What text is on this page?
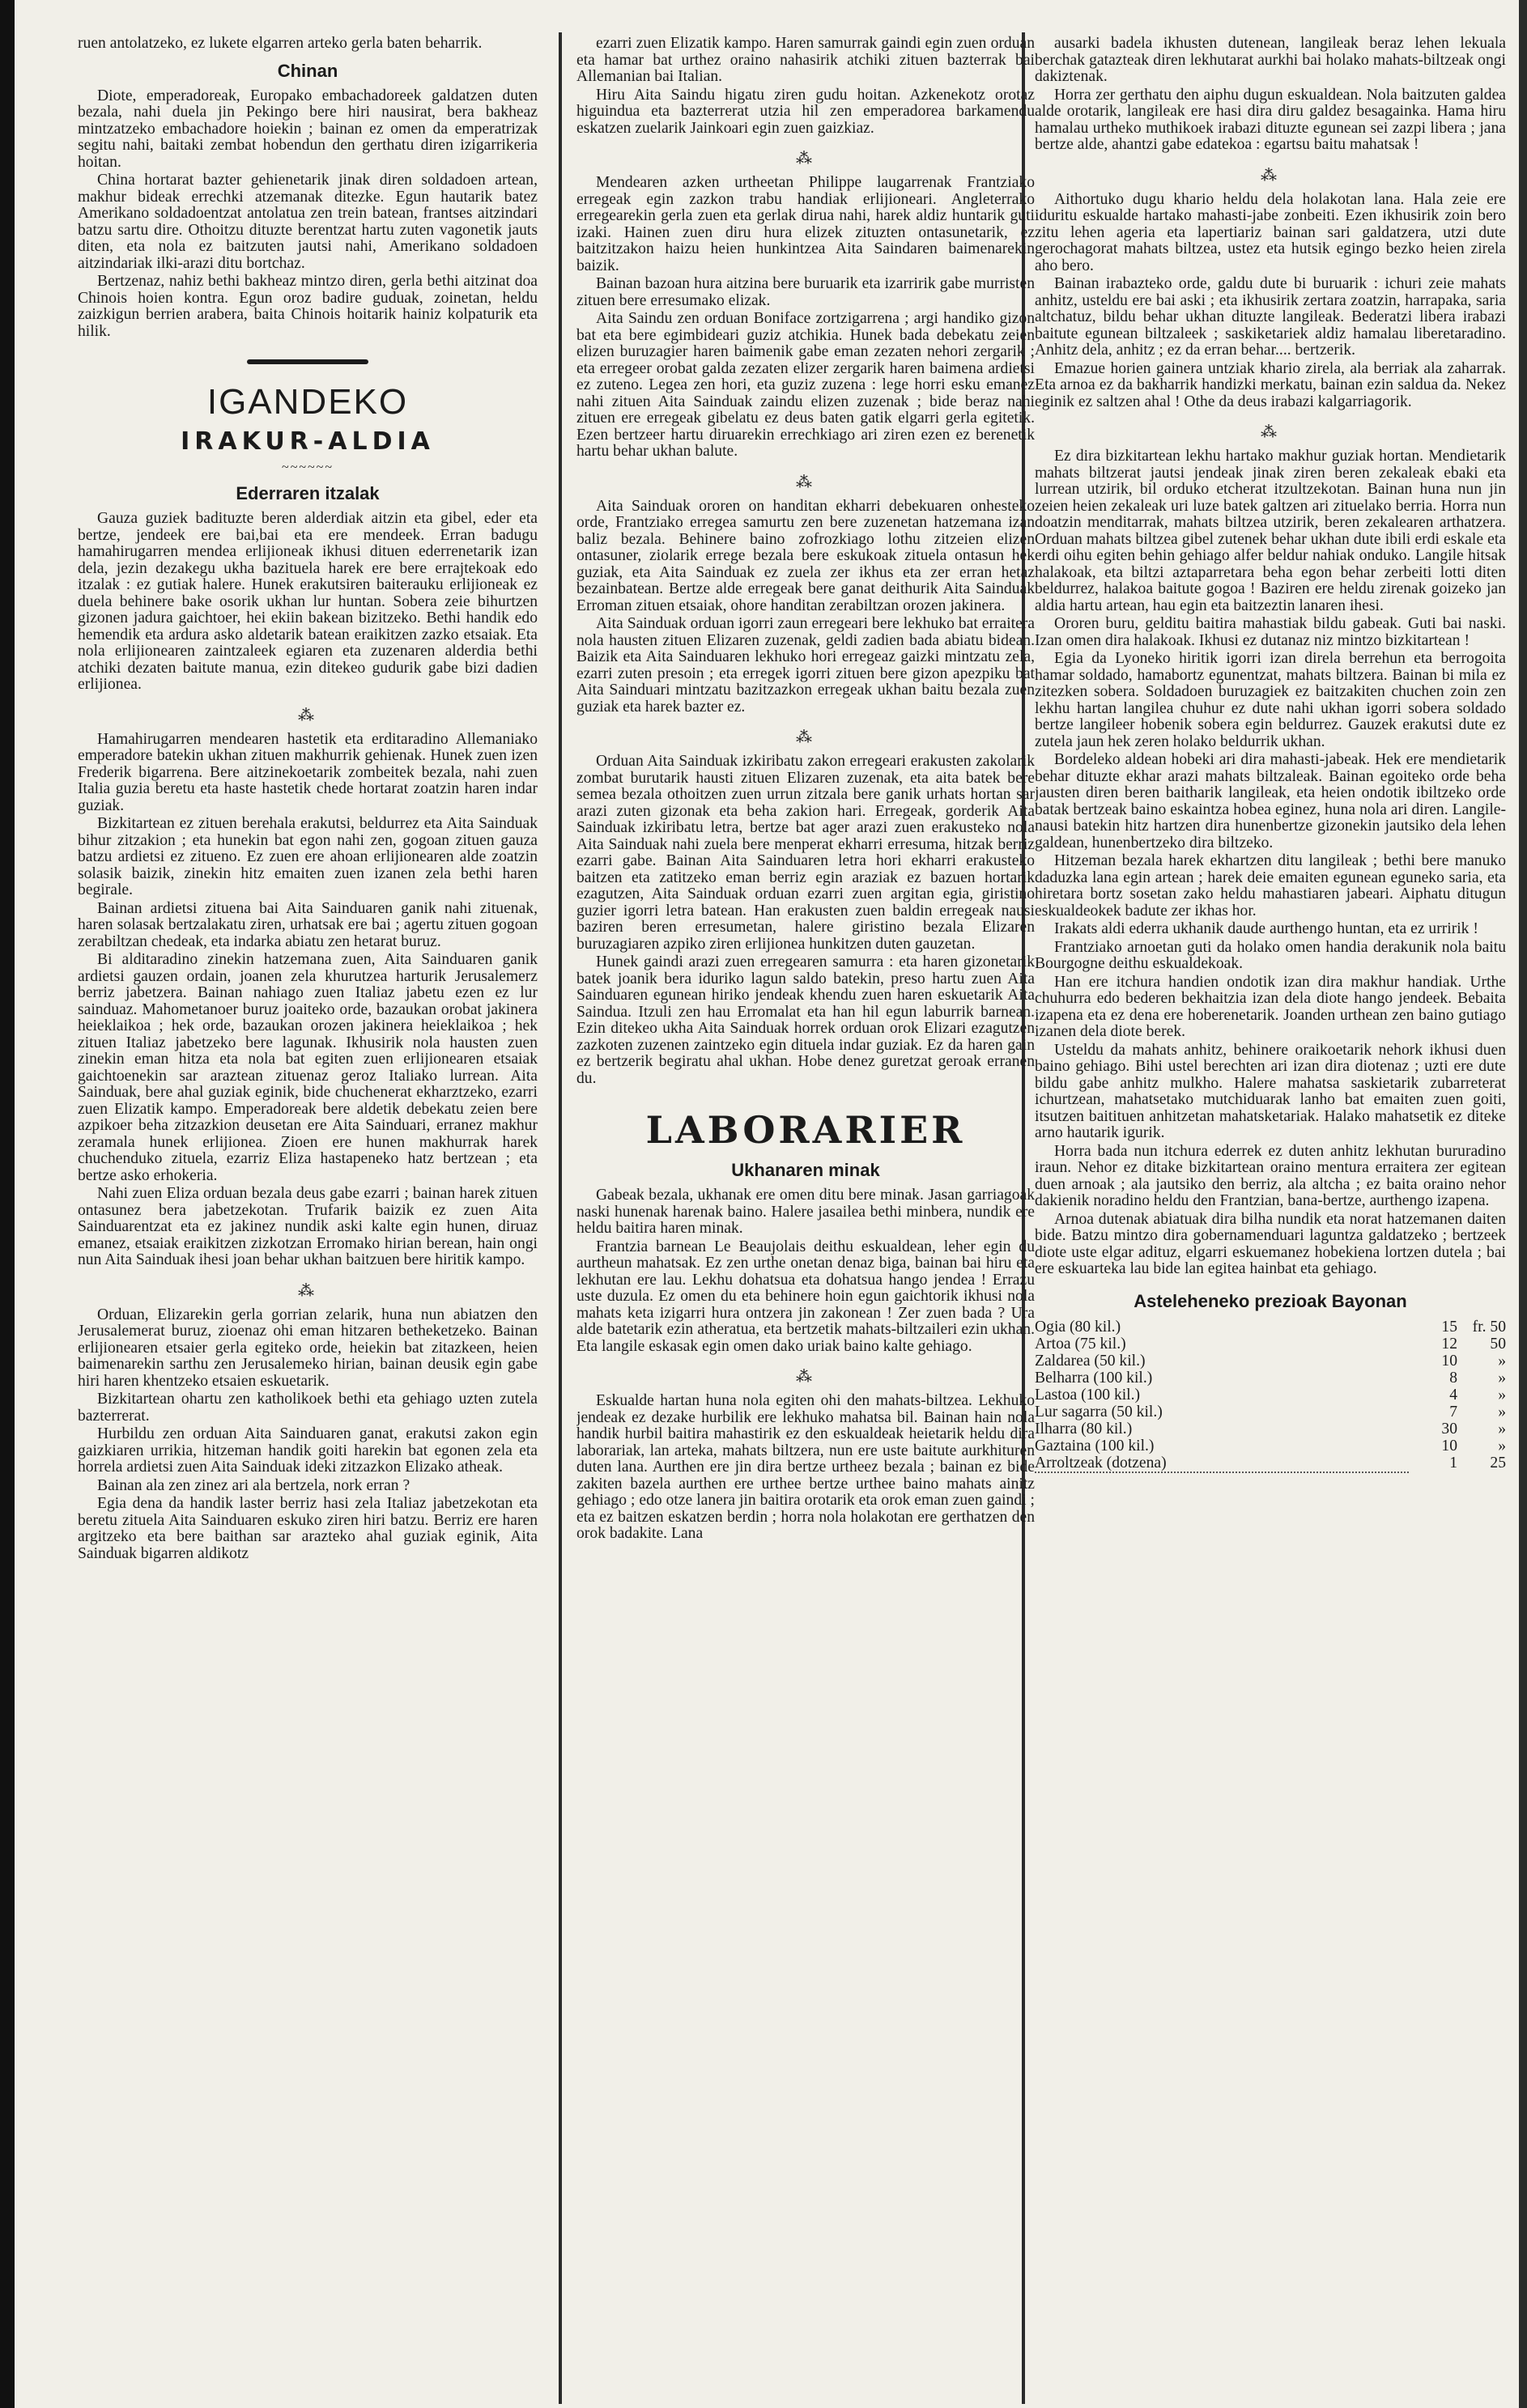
ruen antolatzeko, ez lukete elgarren arteko gerla baten beharrik.

Chinan

Diote, emperadoreak, Europako embachadoreek galdatzen duten bezala, nahi duela jin Pekingo bere hiri nausirat, bera bakheaz mintzatzeko embachadore hoiekin ; bainan ez omen da emperatrizak segitu nahi, baitaki zembat hobendun den gerthatu diren izigarrikeria hoitan.

China hortarat bazter gehienetarik jinak diren soldadoen artean, makhur bideak errechki atzemanak ditezke. Egun hautarik batez Amerikano soldadoentzat antolatua zen trein batean, frantses aitzindari batzu sartu dire. Othoitzu dituzte berentzat hartu zuten vagonetik jauts diten, eta nola ez baitzuten jautsi nahi, Amerikano soldadoen aitzindariak ilki-arazi ditu bortchaz.

Bertzenaz, nahiz bethi bakheaz mintzo diren, gerla bethi aitzinat doa Chinois hoien kontra. Egun oroz badire guduak, zoinetan, heldu zaizkigun berrien arabera, baita Chinois hoitarik hainiz kolpaturik eta hilik.

IGANDEKO
IRAKUR-ALDIA
~~~~~~
Ederraren itzalak

Gauza guziek badituzte beren alderdiak aitzin eta gibel, eder eta bertze, jendeek ere bai,bai eta ere mendeek. Erran badugu hamahirugarren mendea erlijioneak ikhusi dituen ederrenetarik izan dela, jezin dezakegu ukha bazituela harek ere bere errajtekoak edo itzalak : ez gutiak halere. Hunek erakutsiren baiterauku erlijioneak ez duela behinere bake osorik ukhan lur huntan. Sobera zeie bihurtzen gizonen jadura gaichtoer, hei ekiin bakean bizitzeko. Bethi handik edo hemendik eta ardura asko aldetarik batean eraikitzen zazko etsaiak. Eta nola erlijionearen zaintzaleek egiaren eta zuzenaren alderdia bethi atchiki dezaten baitute manua, ezin ditekeo gudurik gabe bizi dadien erlijionea.

⁂

Hamahirugarren mendearen hastetik eta erditaradino Allemaniako emperadore batekin ukhan zituen makhurrik gehienak. Hunek zuen izen Frederik bigarrena. Bere aitzinekoetarik zombeitek bezala, nahi zuen Italia guzia beretu eta haste hastetik chede hortarat zoatzin haren indar guziak.

Bizkitartean ez zituen berehala erakutsi, beldurrez eta Aita Sainduak bihur zitzakion ; eta hunekin bat egon nahi zen, gogoan zituen gauza batzu ardietsi ez zitueno. Ez zuen ere ahoan erlijionearen alde zoatzin solasik baizik, zinekin hitz emaiten zuen izanen zela bethi haren begirale.

Bainan ardietsi zituena bai Aita Sainduaren ganik nahi zituenak, haren solasak bertzalakatu ziren, urhatsak ere bai ; agertu zituen gogoan zerabiltzan chedeak, eta indarka abiatu zen hetarat buruz.

Bi alditaradino zinekin hatzemana zuen, Aita Sainduaren ganik ardietsi gauzen ordain, joanen zela khurutzea harturik Jerusalemerz berriz jabetzera. Bainan nahiago zuen Italiaz jabetu ezen ez lur sainduaz. Mahometanoer buruz joaiteko orde, bazaukan orobat jakinera heieklaikoa ; hek orde, bazaukan orozen jakinera heieklaikoa ; hek zituen Italiaz jabetzeko bere lagunak. Ikhusirik nola hausten zuen zinekin eman hitza eta nola bat egiten zuen erlijionearen etsaiak gaichtoenekin sar araztean zituenaz geroz Italiako lurrean. Aita Sainduak, bere ahal guziak eginik, bide chuchenerat ekharztzeko, ezarri zuen Elizatik kampo. Emperadoreak bere aldetik debekatu zeien bere azpikoer beha zitzazkion deusetan ere Aita Sainduari, erranez makhur zeramala hunek erlijionea. Zioen ere hunen makhurrak harek chuchenduko zituela, ezarriz Eliza hastapeneko hatz bertzean ; eta bertze asko erhokeria.

Nahi zuen Eliza orduan bezala deus gabe ezarri ; bainan harek zituen ontasunez bera jabetzekotan. Trufarik baizik ez zuen Aita Sainduarentzat eta ez jakinez nundik aski kalte egin hunen, diruaz emanez, etsaiak eraikitzen zizkotzan Erromako hirian berean, hain ongi nun Aita Sainduak ihesi joan behar ukhan baitzuen bere hiritik kampo.

⁂

Orduan, Elizarekin gerla gorrian zelarik, huna nun abiatzen den Jerusalemerat buruz, zioenaz ohi eman hitzaren betheketzeko. Bainan erlijionearen etsaier gerla egiteko orde, heiekin bat zitazkeen, heien baimenarekin sarthu zen Jerusalemeko hirian, bainan deusik egin gabe hiri haren khentzeko etsaien eskuetarik.

Bizkitartean ohartu zen katholikoek bethi eta gehiago uzten zutela bazterrerat.

Hurbildu zen orduan Aita Sainduaren ganat, erakutsi zakon egin gaizkiaren urrikia, hitzeman handik goiti harekin bat egonen zela eta horrela ardietsi zuen Aita Sainduak ideki zitzazkon Elizako atheak.

Bainan ala zen zinez ari ala bertzela, nork erran ?

Egia dena da handik laster berriz hasi zela Italiaz jabetzekotan eta beretu zituela Aita Sainduaren eskuko ziren hiri batzu. Berriz ere haren argitzeko eta bere baithan sar arazteko ahal guziak eginik, Aita Sainduak bigarren aldikotz

ezarri zuen Elizatik kampo. Haren samurrak gaindi egin zuen orduan eta hamar bat urthez oraino nahasirik atchiki zituen bazterrak bai Allemanian bai Italian.

Hiru Aita Saindu higatu ziren gudu hoitan. Azkenekotz orotaz higuindua eta bazterrerat utzia hil zen emperadorea barkamendu eskatzen zuelarik Jainkoari egin zuen gaizkiaz.

⁂

Mendearen azken urtheetan Philippe laugarrenak Frantziako erregeak egin zazkon trabu handiak erlijioneari. Angleterrako erregearekin gerla zuen eta gerlak dirua nahi, harek aldiz huntarik guti izaki. Hainen zuen diru hura elizek zituzten ontasunetarik, ez baitzitzakon haizu heien hunkintzea Aita Saindaren baimenarekin baizik.

Bainan bazoan hura aitzina bere buruarik eta izarririk gabe murristen zituen bere erresumako elizak.

Aita Saindu zen orduan Boniface zortzigarrena ; argi handiko gizon bat eta bere egimbideari guziz atchikia. Hunek bada debekatu zeien elizen buruzagier haren baimenik gabe eman zezaten nehori zergarik ; eta erregeer orobat galda zezaten elizer zergarik haren baimena ardietsi ez zuteno. Legea zen hori, eta guziz zuzena : lege horri esku emanez nahi zituen Aita Sainduak zaindu elizen zuzenak ; bide beraz nahi zituen ere erregeak gibelatu ez deus baten gatik elgarri gerla egitetik. Ezen bertzeer hartu diruarekin errechkiago ari ziren ezen ez berenetik hartu behar ukhan balute.

⁂

Aita Sainduak ororen on handitan ekharri debekuaren onhesteko orde, Frantziako erregea samurtu zen bere zuzenetan hatzemana izan baliz bezala. Behinere baino zofrozkiago lothu zitzeien elizen ontasuner, ziolarik errege bezala bere eskukoak zituela ontasun hek guziak, eta Aita Sainduak ez zuela zer ikhus eta zer erran hetaz bezainbatean. Bertze alde erregeak bere ganat deithurik Aita Sainduak Erroman zituen etsaiak, ohore handitan zerabiltzan orozen jakinera.

Aita Sainduak orduan igorri zaun erregeari bere lekhuko bat erraitera nola hausten zituen Elizaren zuzenak, geldi zadien bada abiatu bidean. Baizik eta Aita Sainduaren lekhuko hori erregeaz gaizki mintzatu zela, ezarri zuten presoin ; eta erregek igorri zituen bere gizon apezpiku bat Aita Sainduari mintzatu bazitzazkon erregeak ukhan baitu bezala zuen guziak eta harek bazter ez.

⁂

Orduan Aita Sainduak izkiribatu zakon erregeari erakusten zakolarik zombat burutarik hausti zituen Elizaren zuzenak, eta aita batek bere semea bezala othoitzen zuen urrun zitzala bere ganik urhats hortan sar arazi zuten gizonak eta beha zakion hari. Erregeak, gorderik Aita Sainduak izkiribatu letra, bertze bat ager arazi zuen erakusteko nola Aita Sainduak nahi zuela bere menperat ekharri erresuma, hitzak berriz ezarri gabe. Bainan Aita Sainduaren letra hori ekharri erakusteko baitzen eta zatitzeko eman berriz egin araziak ez bazuen hortarik ezagutzen, Aita Sainduak orduan ezarri zuen argitan egia, giristino guzier igorri letra batean. Han erakusten zuen baldin erregeak nausi baziren beren erresumetan, halere giristino bezala Elizaren buruzagiaren azpiko ziren erlijionea hunkitzen duten gauzetan.

Hunek gaindi arazi zuen erregearen samurra : eta haren gizonetarik batek joanik bera iduriko lagun saldo batekin, preso hartu zuen Aita Sainduaren egunean hiriko jendeak khendu zuen haren eskuetarik Aita Saindua. Itzuli zen hau Erromalat eta han hil egun laburrik barnean. Ezin ditekeo ukha Aita Sainduak horrek orduan orok Elizari ezagutzen zazkoten zuzenen zaintzeko egin dituela indar guziak. Ez da haren gain ez bertzerik begiratu ahal ukhan. Hobe denez guretzat geroak erranen du.

LABORARIER
Ukhanaren minak

Gabeak bezala, ukhanak ere omen ditu bere minak. Jasan garriagoak naski hunenak harenak baino. Halere jasailea bethi minbera, nundik ere heldu baitira haren minak.

Frantzia barnean Le Beaujolais deithu eskualdean, leher egin du aurtheun mahatsak. Ez zen urthe onetan denaz biga, bainan bai hiru eta lekhutan ere lau. Lekhu dohatsua eta dohatsua hango jendea ! Errazu uste duzula. Ez omen du eta behinere hoin egun gaichtorik ikhusi nola mahats keta izigarri hura ontzera jin zakonean ! Zer zuen bada ? Ura alde batetarik ezin atheratua, eta bertzetik mahats-biltzaileri ezin ukhan. Eta langile eskasak egin omen dako uriak baino kalte gehiago.

⁂

Eskualde hartan huna nola egiten ohi den mahats-biltzea. Lekhuko jendeak ez dezake hurbilik ere lekhuko mahatsa bil. Bainan hain nola handik hurbil baitira mahastirik ez den eskualdeak heietarik heldu dira laborariak, lan arteka, mahats biltzera, nun ere uste baitute aurkhituren duten lana. Aurthen ere jin dira bertze urtheez bezala ; bainan ez bide zakiten bazela aurthen ere urthee bertze urthee baino mahats ainitz gehiago ; edo otze lanera jin baitira orotarik eta orok eman zuen gaindi ; eta ez baitzen eskatzen berdin ; horra nola holakotan ere gerthatzen den orok badakite. Lana

ausarki badela ikhusten dutenean, langileak beraz lehen lekuala berchak gatazteak diren lekhutarat aurkhi bai holako mahats-biltzeak ongi dakiztenak.

Horra zer gerthatu den aiphu dugun eskualdean. Nola baitzuten galdea alde orotarik, langileak ere hasi dira diru galdez besagainka. Hama hiru hamalau urtheko muthikoek irabazi dituzte egunean sei zazpi libera ; jana bertze alde, ahantzi gabe edatekoa : egartsu baitu mahatsak !

⁂

Aithortuko dugu khario heldu dela holakotan lana. Hala zeie ere iduritu eskualde hartako mahasti-jabe zonbeiti. Ezen ikhusirik zoin bero zitu lehen ageria eta lapertiariz bainan sari galdatzera, utzi dute gerochagorat mahats biltzea, ustez eta hutsik egingo bezko heien zirela aho bero.

Bainan irabazteko orde, galdu dute bi buruarik : ichuri zeie mahats anhitz, usteldu ere bai aski ; eta ikhusirik zertara zoatzin, harrapaka, saria altchatuz, bildu behar ukhan dituzte langileak. Bederatzi libera irabazi baitute egunean biltzaleek ; saskiketariek aldiz hamalau liberetaradino. Anhitz dela, anhitz ; ez da erran behar.... bertzerik.

Emazue horien gainera untziak khario zirela, ala berriak ala zaharrak. Eta arnoa ez da bakharrik handizki merkatu, bainan ezin saldua da. Nekez eginik ez saltzen ahal ! Othe da deus irabazi kalgarriagorik.

⁂

Ez dira bizkitartean lekhu hartako makhur guziak hortan. Mendietarik mahats biltzerat jautsi jendeak jinak ziren beren zekaleak ebaki eta lurrean utzirik, bil orduko etcherat itzultzekotan. Bainan huna nun jin zeien heien zekaleak uri luze batek galtzen ari zituelako berria. Horra nun doatzin menditarrak, mahats biltzea utzirik, beren zekalearen arthatzera. Orduan mahats biltzea gibel zutenek behar ukhan dute ibili erdi eskale eta erdi oihu egiten behin gehiago alfer beldur nahiak onduko. Langile hitsak halakoak, eta biltzi aztaparretara beha egon behar zerbeiti lotti diten beldurrez, halakoa baitute gogoa ! Baziren ere heldu zirenak goizeko jan aldia hartu artean, hau egin eta baitzeztin lanaren ihesi.

Ororen buru, gelditu baitira mahastiak bildu gabeak. Guti bai naski. Izan omen dira halakoak. Ikhusi ez dutanaz niz mintzo bizkitartean !

Egia da Lyoneko hiritik igorri izan direla berrehun eta berrogoita hamar soldado, hamabortz egunentzat, mahats biltzera. Bainan bi mila ez zitezken sobera. Soldadoen buruzagiek ez baitzakiten chuchen zoin zen lekhu hartan langilea chuhur ez dute nahi ukhan igorri sobera soldado bertze langileer hobenik sobera egin beldurrez. Gauzek erakutsi dute ez zutela jaun hek zeren holako beldurrik ukhan.

Bordeleko aldean hobeki ari dira mahasti-jabeak. Hek ere mendietarik behar dituzte ekhar arazi mahats biltzaleak. Bainan egoiteko orde beha jausten diren beren baitharik langileak, eta heien ondotik ibiltzeko orde batak bertzeak baino eskaintza hobea eginez, huna nola ari diren. Langile-nausi batekin hitz hartzen dira hunenbertze gizonekin jautsiko dela lehen galdean, hunenbertzeko dira biltzeko.

Hitzeman bezala harek ekhartzen ditu langileak ; bethi bere manuko daduzka lana egin artean ; harek deie emaiten egunean eguneko saria, eta hiretara bortz sosetan zako heldu mahastiaren jabeari. Aiphatu ditugun eskualdeokek badute zer ikhas hor.

Irakats aldi ederra ukhanik daude aurthengo huntan, eta ez urririk !

Frantziako arnoetan guti da holako omen handia derakunik nola baitu Bourgogne deithu eskualdekoak.

Han ere itchura handien ondotik izan dira makhur handiak. Urthe chuhurra edo bederen bekhaitzia izan dela diote hango jendeek. Bebaita izapena eta ez dena ere hoberenetarik. Joanden urthean zen baino gutiago izanen dela diote berek.

Usteldu da mahats anhitz, behinere oraikoetarik nehork ikhusi duen baino gehiago. Bihi ustel berechten ari izan dira diotenaz ; uzti ere dute bildu gabe anhitz mulkho. Halere mahatsa saskietarik zubarreterat ichurtzean, mahatsetako mutchiduarak lanho bat emaiten zuen goiti, itsutzen baitituen anhitzetan mahatsketariak. Halako mahatsetik ez diteke arno hautarik igurik.

Horra bada nun itchura ederrek ez duten anhitz lekhutan bururadino iraun. Nehor ez ditake bizkitartean oraino mentura erraitera zer egitean duen arnoak ; ala jautsiko den berriz, ala altcha ; ez baita oraino nehor dakienik noradino heldu den Frantzian, bana-bertze, aurthengo izapena.

Arnoa dutenak abiatuak dira bilha nundik eta norat hatzemanen daiten bide. Batzu mintzo dira gobernamenduari laguntza galdatzeko ; bertzeek diote uste elgar adituz, elgarri eskuemanez hobekiena lortzen dutela ; bai ere eskuarteka lau bide lan egitea hainbat eta gehiago.

Asteleheneko prezioak Bayonan
Ogia (80 kil.)	15	fr. 50
Artoa (75 kil.)	12	50
Zaldarea (50 kil.)	10	»
Belharra (100 kil.)	8	»
Lastoa (100 kil.)	4	»
Lur sagarra (50 kil.)	7	»
Ilharra (80 kil.)	30	»
Gaztaina (100 kil.)	10	»
Arroltzeak (dotzena)	1	25
